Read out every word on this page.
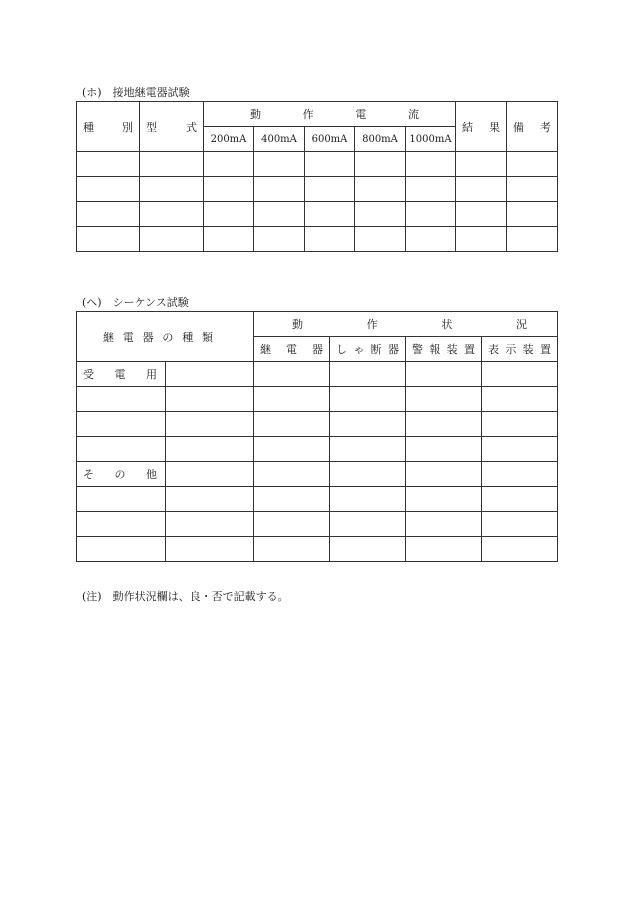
(ホ)　接地継電器試験
種 別	型 式	動 作 電 流					結 果	備 考
		200mA	400mA	600mA	800mA	1000mA		

(ヘ)　シーケンス試験
継 電 器 の 種 類		動 作 状 況			
		継 電 器	し ゃ 断 器	警 報 装 置	表 示 装 置
受 電 用					

そ の 他					

(注)　動作状況欄は、良・否で記載する。
